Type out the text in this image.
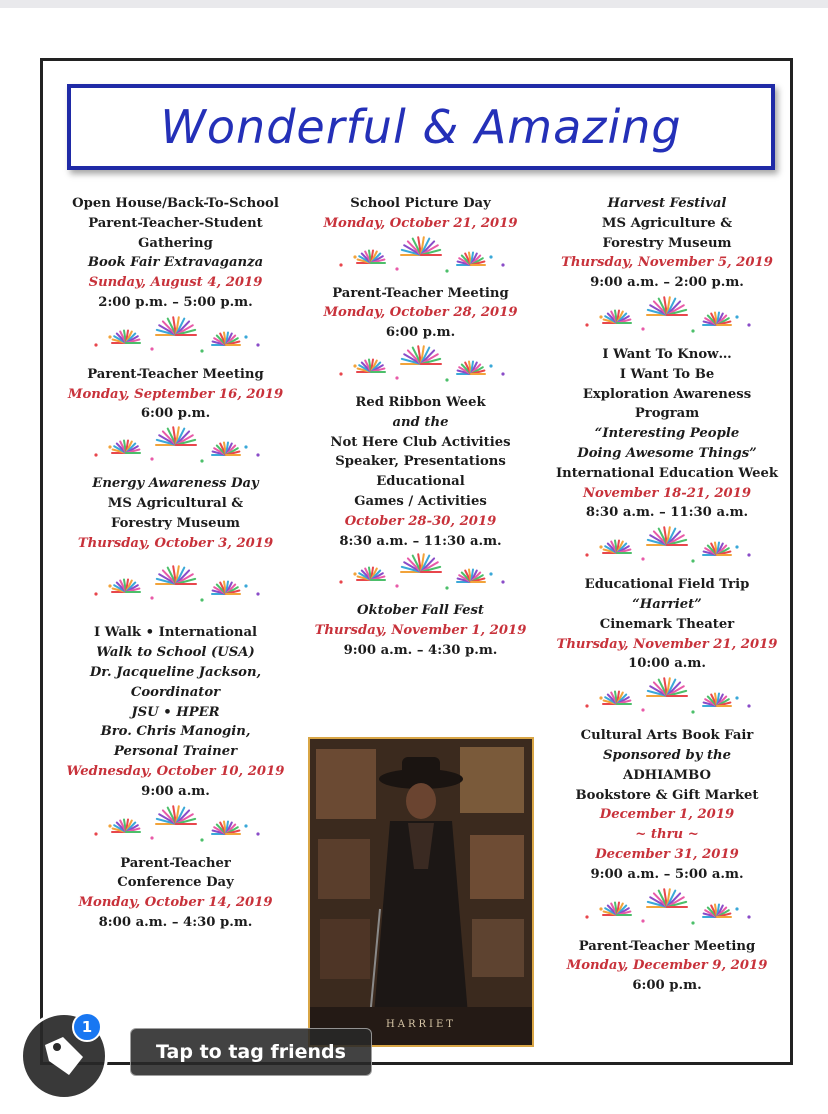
Wonderful & Amazing
Open House/Back-To-School
Parent-Teacher-Student
Gathering
Book Fair Extravaganza
Sunday, August 4, 2019
2:00 p.m. – 5:00 p.m.
Parent-Teacher Meeting
Monday, September 16, 2019
6:00 p.m.
Energy Awareness Day
MS Agricultural &
Forestry Museum
Thursday, October 3, 2019
I Walk • International
Walk to School (USA)
Dr. Jacqueline Jackson,
Coordinator
JSU • HPER
Bro. Chris Manogin,
Personal Trainer
Wednesday, October 10, 2019
9:00 a.m.
Parent-Teacher
Conference Day
Monday, October 14, 2019
8:00 a.m. – 4:30 p.m.
School Picture Day
Monday, October 21, 2019
Parent-Teacher Meeting
Monday, October 28, 2019
6:00 p.m.
Red Ribbon Week
and the
Not Here Club Activities
Speaker, Presentations
Educational
Games / Activities
October 28-30, 2019
8:30 a.m. – 11:30 a.m.
Oktober Fall Fest
Thursday, November 1, 2019
9:00 a.m. – 4:30 p.m.
Harvest Festival
MS Agriculture &
Forestry Museum
Thursday, November 5, 2019
9:00 a.m. – 2:00 p.m.
I Want To Know…
I Want To Be
Exploration Awareness
Program
“Interesting People
Doing Awesome Things”
International Education Week
November 18-21, 2019
8:30 a.m. – 11:30 a.m.
Educational Field Trip
“Harriet”
Cinemark Theater
Thursday, November 21, 2019
10:00 a.m.
Cultural Arts Book Fair
Sponsored by the
ADHIAMBO
Bookstore & Gift Market
December 1, 2019
~ thru ~
December 31, 2019
9:00 a.m. – 5:00 a.m.
Parent-Teacher Meeting
Monday, December 9, 2019
6:00 p.m.
HARRIET
1
Tap to tag friends
